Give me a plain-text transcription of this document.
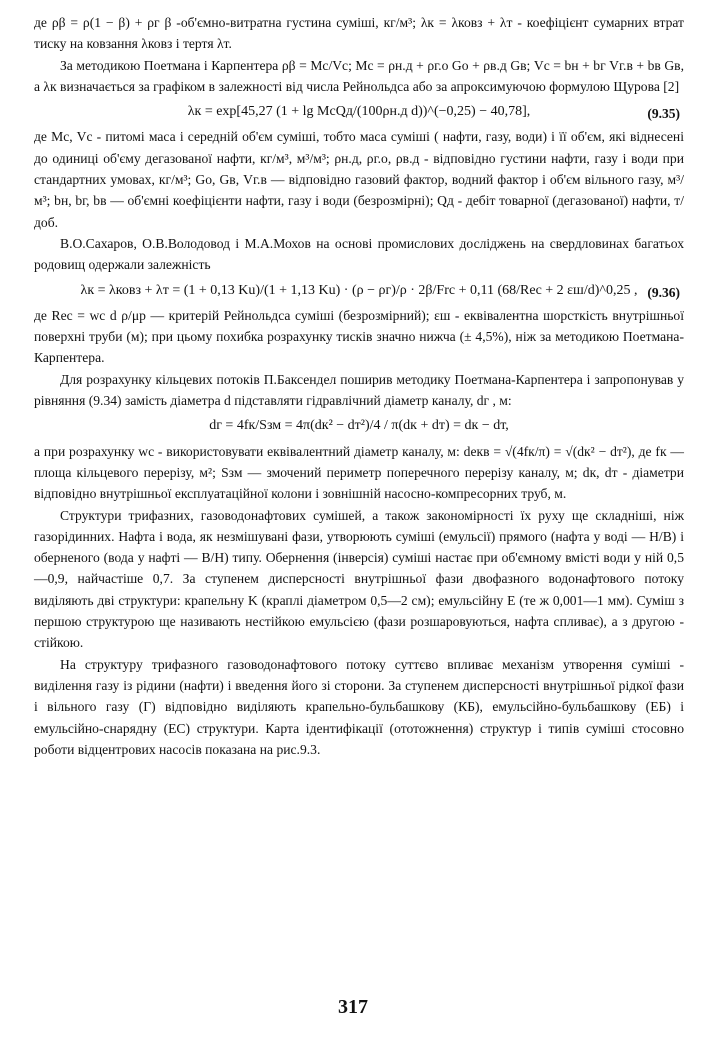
де ρβ = ρ(1 − β) + ρг β -об'ємно-витратна густина суміші, кг/м³; λк = λковз + λт - коефіцієнт сумарних втрат тиску на ковзання λковз і тертя λт.

За методикою Поетмана і Карпентера ρβ = Mc/Vc; Mc = ρн.д + ρг.о Gо + ρв.д Gв; Vc = bн + bг Vг.в + bв Gв, а λк визначається за графіком в залежності від числа Рейнольдса або за апроксимуючою формулою Щурова [2]

λк = exp[45,27 (1 + lg McQд/(100ρн.д d))^(−0,25) − 40,78],	(9.35)

де Mc, Vc - питомі маса і середній об'єм суміші, тобто маса суміші ( нафти, газу, води) і її об'єм, які віднесені до одиниці об'єму дегазованої нафти, кг/м³, м³/м³; ρн.д, ρг.о, ρв.д - відповідно густини нафти, газу і води при стандартних умовах, кг/м³; Gо, Gв, Vг.в — відповідно газовий фактор, водний фактор і об'єм вільного газу, м³/м³; bн, bг, bв — об'ємні коефіцієнти нафти, газу і води (безрозмірні); Qд - дебіт товарної (дегазованої) нафти, т/доб.

В.О.Сахаров, О.В.Володовод і М.А.Мохов на основі промислових досліджень на свердловинах багатьох родовищ одержали залежність

λк = λковз + λт = (1 + 0,13 Ku)/(1 + 1,13 Ku) · (ρ − ρг)/ρ · 2β/Frc + 0,11 (68/Rec + 2 εш/d)^0,25 , (9.36)

де Rec = wc d ρ/μр — критерій Рейнольдса суміші (безрозмірний); εш - еквівалентна шорсткість внутрішньої поверхні труби (м); при цьому похибка розрахунку тисків значно нижча (± 4,5%), ніж за методикою Поетмана-Карпентера.

Для розрахунку кільцевих потоків П.Баксендел поширив методику Поетмана-Карпентера і запропонував у рівняння (9.34) замість діаметра d підставляти гідравлічний діаметр каналу, dг , м:

dг = 4fк/Sзм = 4π(dк² − dт²)/4 / π(dк + dт) = dк − dт,

а при розрахунку wc - використовувати еквівалентний діаметр каналу, м: dекв = √(4fк/π) = √(dк² − dт²), де fк — площа кільцевого перерізу, м²; Sзм — змочений периметр поперечного перерізу каналу, м; dк, dт - діаметри відповідно внутрішньої експлуатаційної колони і зовнішній насосно-компресорних труб, м.

Структури трифазних, газоводонафтових сумішей, а також закономірності їх руху ще складніші, ніж газорідинних. Нафта і вода, як незмішувані фази, утворюють суміші (емульсії) прямого (нафта у воді — Н/В) і оберненого (вода у нафті — В/Н) типу. Обернення (інверсія) суміші настає при об'ємному вмісті води у ній 0,5—0,9, найчастіше 0,7. За ступенем дисперсності внутрішньої фази двофазного водонафтового потоку виділяють дві структури: крапельну K (краплі діаметром 0,5—2 см); емульсійну E (те ж 0,001—1 мм). Суміш з першою структурою ще називають нестійкою емульсією (фази розшаровуються, нафта спливає), а з другою - стійкою.

На структуру трифазного газоводонафтового потоку суттєво впливає механізм утворення суміші - виділення газу із рідини (нафти) і введення його зі сторони. За ступенем дисперсності внутрішньої рідкої фази і вільного газу (Г) відповідно виділяють крапельно-бульбашкову (КБ), емульсійно-бульбашкову (ЕБ) і емульсійно-снарядну (ЕС) структури. Карта ідентифікації (ототожнення) структур і типів суміші стосовно роботи відцентрових насосів показана на рис.9.3.

317
